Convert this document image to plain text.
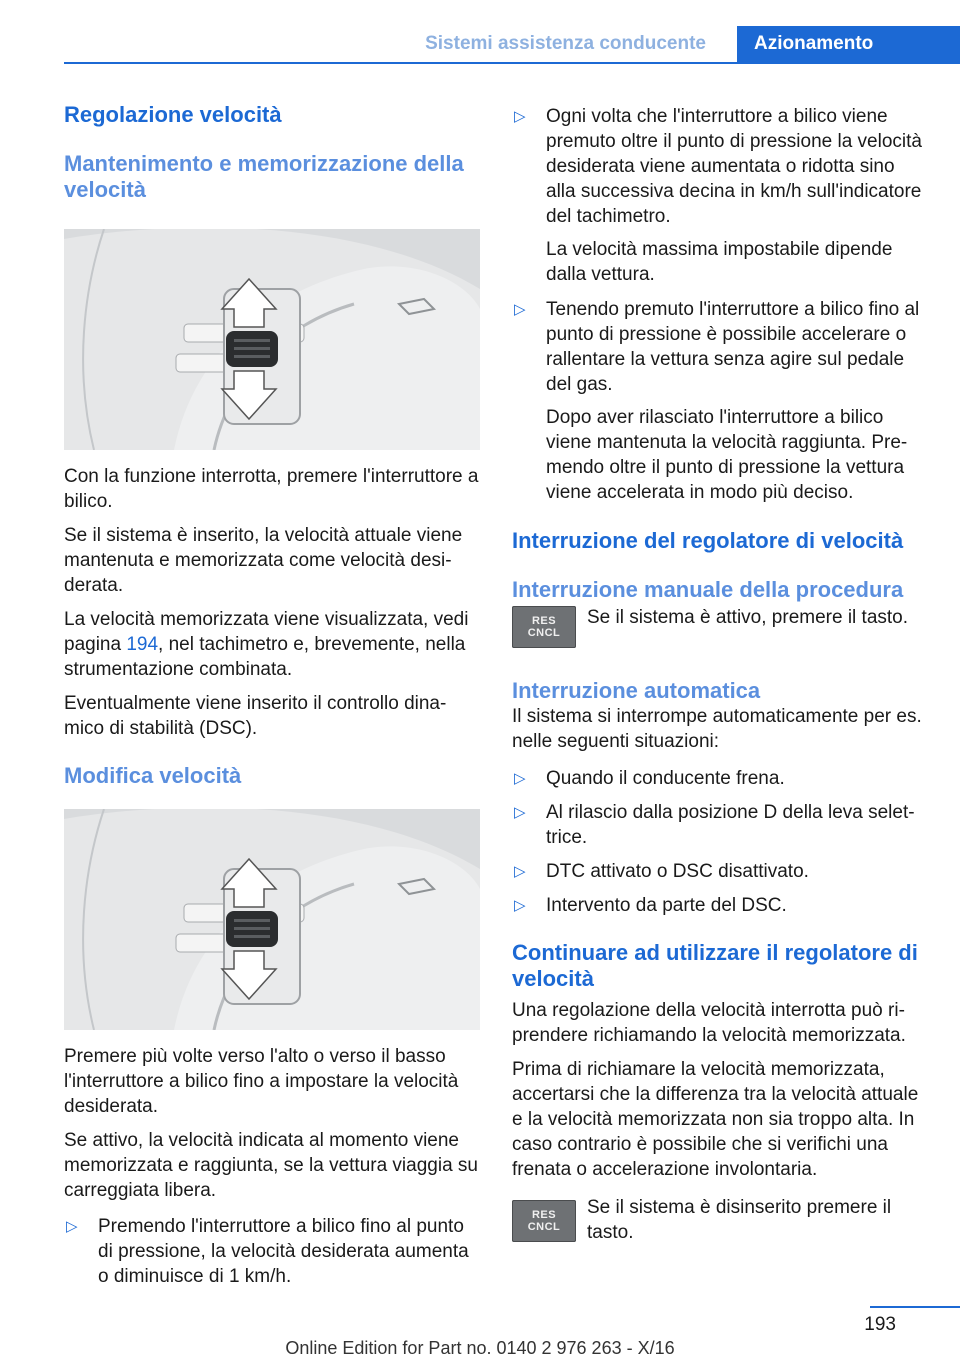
Sistemi assistenza conducente	Azionamento
Regolazione velocità
Mantenimento e memorizzazione della velocità

Con la funzione interrotta, premere l'interruttore a bilico.

Se il sistema è inserito, la velocità attuale viene mantenuta e memorizzata come velocità desiderata.

La velocità memorizzata viene visualizzata, vedi pagina 194, nel tachimetro e, brevemente, nella strumentazione combinata.

Eventualmente viene inserito il controllo dinamico di stabilità (DSC).

Modifica velocità

Premere più volte verso l'alto o verso il basso l'interruttore a bilico fino a impostare la velocità desiderata.

Se attivo, la velocità indicata al momento viene memorizzata e raggiunta, se la vettura viaggia su carreggiata libera.

▷ Premendo l'interruttore a bilico fino al punto di pressione, la velocità desiderata aumenta o diminuisce di 1 km/h.
▷ Ogni volta che l'interruttore a bilico viene premuto oltre il punto di pressione la velocità desiderata viene aumentata o ridotta sino alla successiva decina in km/h sull'indicatore del tachimetro.
La velocità massima impostabile dipende dalla vettura.
▷ Tenendo premuto l'interruttore a bilico fino al punto di pressione è possibile accelerare o rallentare la vettura senza agire sul pedale del gas.
Dopo aver rilasciato l'interruttore a bilico viene mantenuta la velocità raggiunta. Premendo oltre il punto di pressione la vettura viene accelerata in modo più deciso.
Interruzione del regolatore di velocità
Interruzione manuale della procedura
RES
CNCL

Se il sistema è attivo, premere il tasto.

Interruzione automatica

Il sistema si interrompe automaticamente per es. nelle seguenti situazioni:

▷ Quando il conducente frena.
▷ Al rilascio dalla posizione D della leva selettrice.
▷ DTC attivato o DSC disattivato.
▷ Intervento da parte del DSC.
Continuare ad utilizzare il regolatore di velocità

Una regolazione della velocità interrotta può riprendere richiamando la velocità memorizzata.

Prima di richiamare la velocità memorizzata, accertarsi che la differenza tra la velocità attuale e la velocità memorizzata non sia troppo alta. In caso contrario è possibile che si verifichi una frenata o accelerazione involontaria.

RES
CNCL

Se il sistema è disinserito premere il tasto.

193
Online Edition for Part no. 0140 2 976 263 - X/16
